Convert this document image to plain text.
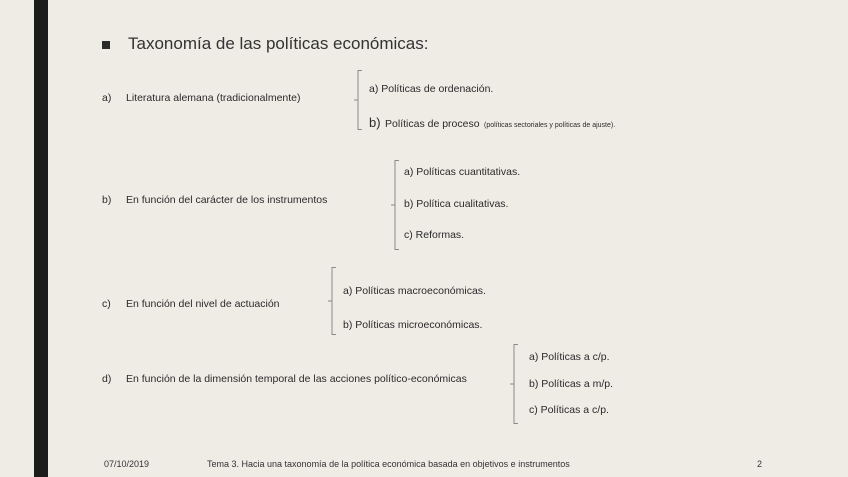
Taxonomía de las políticas económicas:
a) Literatura alemana (tradicionalmente)
a) Políticas de ordenación.
b) Políticas de proceso (políticas sectoriales y políticas de ajuste).
b) En función del carácter de los instrumentos
a) Políticas cuantitativas.
b) Política cualitativas.
c) Reformas.
c) En función del nivel de actuación
a) Políticas macroeconómicas.
b) Políticas microeconómicas.
d) En función de la dimensión temporal de las acciones político-económicas
a) Políticas a c/p.
b) Políticas a m/p.
c) Políticas a c/p.
07/10/2019	Tema 3. Hacia una taxonomía de la política económica basada en objetivos e instrumentos	2
